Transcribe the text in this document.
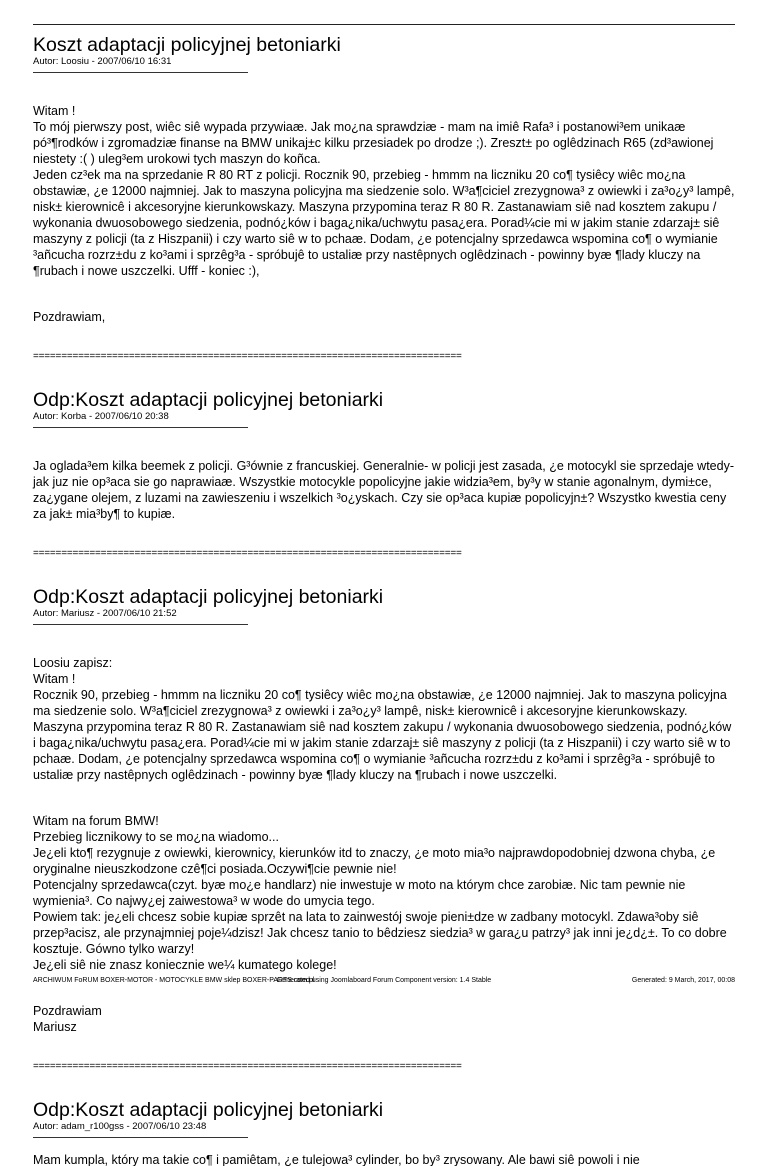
Koszt adaptacji policyjnej betoniarki
Autor: Loosiu - 2007/06/10 16:31

Witam !
To mój pierwszy post, wiêc siê wypada przywiaæ. Jak mo¿na sprawdziæ - mam na imiê Rafa³ i postanowi³em unikaæ pó³¶rodków i zgromadziæ finanse na BMW unikaj±c kilku przesiadek po drodze ;). Zreszt± po oglêdzinach R65 (zd³awionej niestety :( ) uleg³em urokowi tych maszyn do koñca.
Jeden cz³ek ma na sprzedanie R 80 RT z policji. Rocznik 90, przebieg - hmmm na liczniku 20 co¶ tysiêcy wiêc mo¿na obstawiæ, ¿e 12000 najmniej. Jak to maszyna policyjna ma siedzenie solo. W³a¶ciciel zrezygnowa³ z owiewki i za³o¿y³ lampê, nisk± kierownicê i akcesoryjne kierunkowskazy. Maszyna przypomina teraz R 80 R. Zastanawiam siê nad kosztem zakupu / wykonania dwuosobowego siedzenia, podnó¿ków i baga¿nika/uchwytu pasa¿era. Porad¼cie mi w jakim stanie zdarzaj± siê maszyny z policji (ta z Hiszpanii) i czy warto siê w to pchaæ. Dodam, ¿e potencjalny sprzedawca wspomina co¶ o wymianie ³añcucha rozrz±du z ko³ami i sprzêg³a - spróbujê to ustaliæ przy nastêpnych oglêdzinach - powinny byæ ¶lady kluczy na ¶rubach i nowe uszczelki. Ufff - koniec :),

Pozdrawiam,

============================================================================
Odp:Koszt adaptacji policyjnej betoniarki
Autor: Korba - 2007/06/10 20:38

Ja oglada³em kilka beemek z policji. G³ównie z francuskiej. Generalnie- w policji jest zasada, ¿e motocykl sie sprzedaje wtedy- jak juz nie op³aca sie go naprawiaæ. Wszystkie motocykle popolicyjne jakie widzia³em, by³y w stanie agonalnym, dymi±ce, za¿ygane olejem, z luzami na zawieszeniu i wszelkich ³o¿yskach. Czy sie op³aca kupiæ popolicyjn±? Wszystko kwestia ceny za jak± mia³by¶ to kupiæ.

============================================================================
Odp:Koszt adaptacji policyjnej betoniarki
Autor: Mariusz - 2007/06/10 21:52

Loosiu zapisz:
Witam !
Rocznik 90, przebieg - hmmm na liczniku 20 co¶ tysiêcy wiêc mo¿na obstawiæ, ¿e 12000 najmniej. Jak to maszyna policyjna ma siedzenie solo. W³a¶ciciel zrezygnowa³ z owiewki i za³o¿y³ lampê, nisk± kierownicê i akcesoryjne kierunkowskazy. Maszyna przypomina teraz R 80 R. Zastanawiam siê nad kosztem zakupu / wykonania dwuosobowego siedzenia, podnó¿ków i baga¿nika/uchwytu pasa¿era. Porad¼cie mi w jakim stanie zdarzaj± siê maszyny z policji (ta z Hiszpanii) i czy warto siê w to pchaæ. Dodam, ¿e potencjalny sprzedawca wspomina co¶ o wymianie ³añcucha rozrz±du z ko³ami i sprzêg³a - spróbujê to ustaliæ przy nastêpnych oglêdzinach - powinny byæ ¶lady kluczy na ¶rubach i nowe uszczelki.

Witam na forum BMW!
Przebieg licznikowy to se mo¿na wiadomo...
Je¿eli kto¶ rezygnuje z owiewki, kierownicy, kierunków itd to znaczy, ¿e moto mia³o najprawdopodobniej dzwona chyba, ¿e oryginalne nieuszkodzone czê¶ci posiada.Oczywi¶cie pewnie nie!
Potencjalny sprzedawca(czyt. byæ mo¿e handlarz) nie inwestuje w moto na którym chce zarobiæ. Nic tam pewnie nie wymienia³. Co najwy¿ej zaiwestowa³ w wode do umycia tego.
Powiem tak: je¿eli chcesz sobie kupiæ sprzêt na lata to zainwestój swoje pieni±dze w zadbany motocykl. Zdawa³oby siê przep³acisz, ale przynajmniej poje¼dzisz! Jak chcesz tanio to bêdziesz siedzia³ w gara¿u patrzy³ jak inni je¿d¿±. To co dobre kosztuje. Gówno tylko warzy!
Je¿eli siê nie znasz koniecznie we¼ kumatego kolege!

Pozdrawiam
Mariusz

============================================================================
Odp:Koszt adaptacji policyjnej betoniarki
Autor: adam_r100gss - 2007/06/10 23:48

Mam kumpla, który ma takie co¶ i pamiêtam, ¿e tulejowa³ cylinder, bo by³ zrysowany. Ale bawi siê powoli i nie

ARCHIWUM FoRUM BOXER-MOTOR - MOTOCYKLE BMW sklep BOXER-PARTS.com.pl
Generated using Joomlaboard Forum Component version: 1.4 Stable	Generated: 9 March, 2017, 00:08
